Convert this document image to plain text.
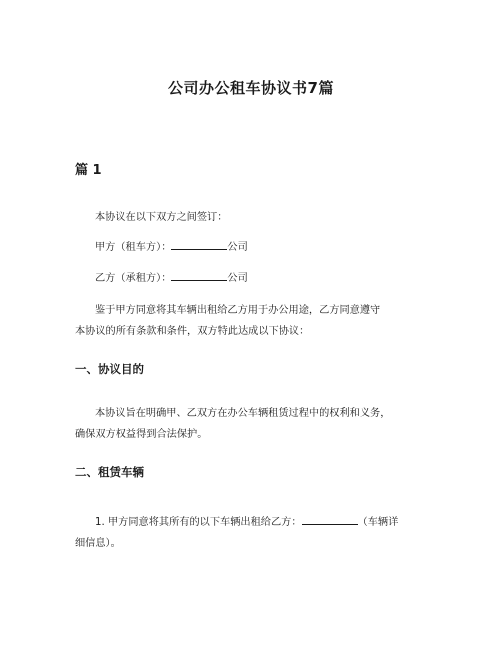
公司办公租车协议书7篇
篇 1
本协议在以下双方之间签订：
甲方（租车方）：	公司
乙方（承租方）：	公司
鉴于甲方同意将其车辆出租给乙方用于办公用途，乙方同意遵守
本协议的所有条款和条件，双方特此达成以下协议：
一、协议目的
本协议旨在明确甲、乙双方在办公车辆租赁过程中的权利和义务，
确保双方权益得到合法保护。
二、租赁车辆
1. 甲方同意将其所有的以下车辆出租给乙方：	（车辆详
细信息）。
